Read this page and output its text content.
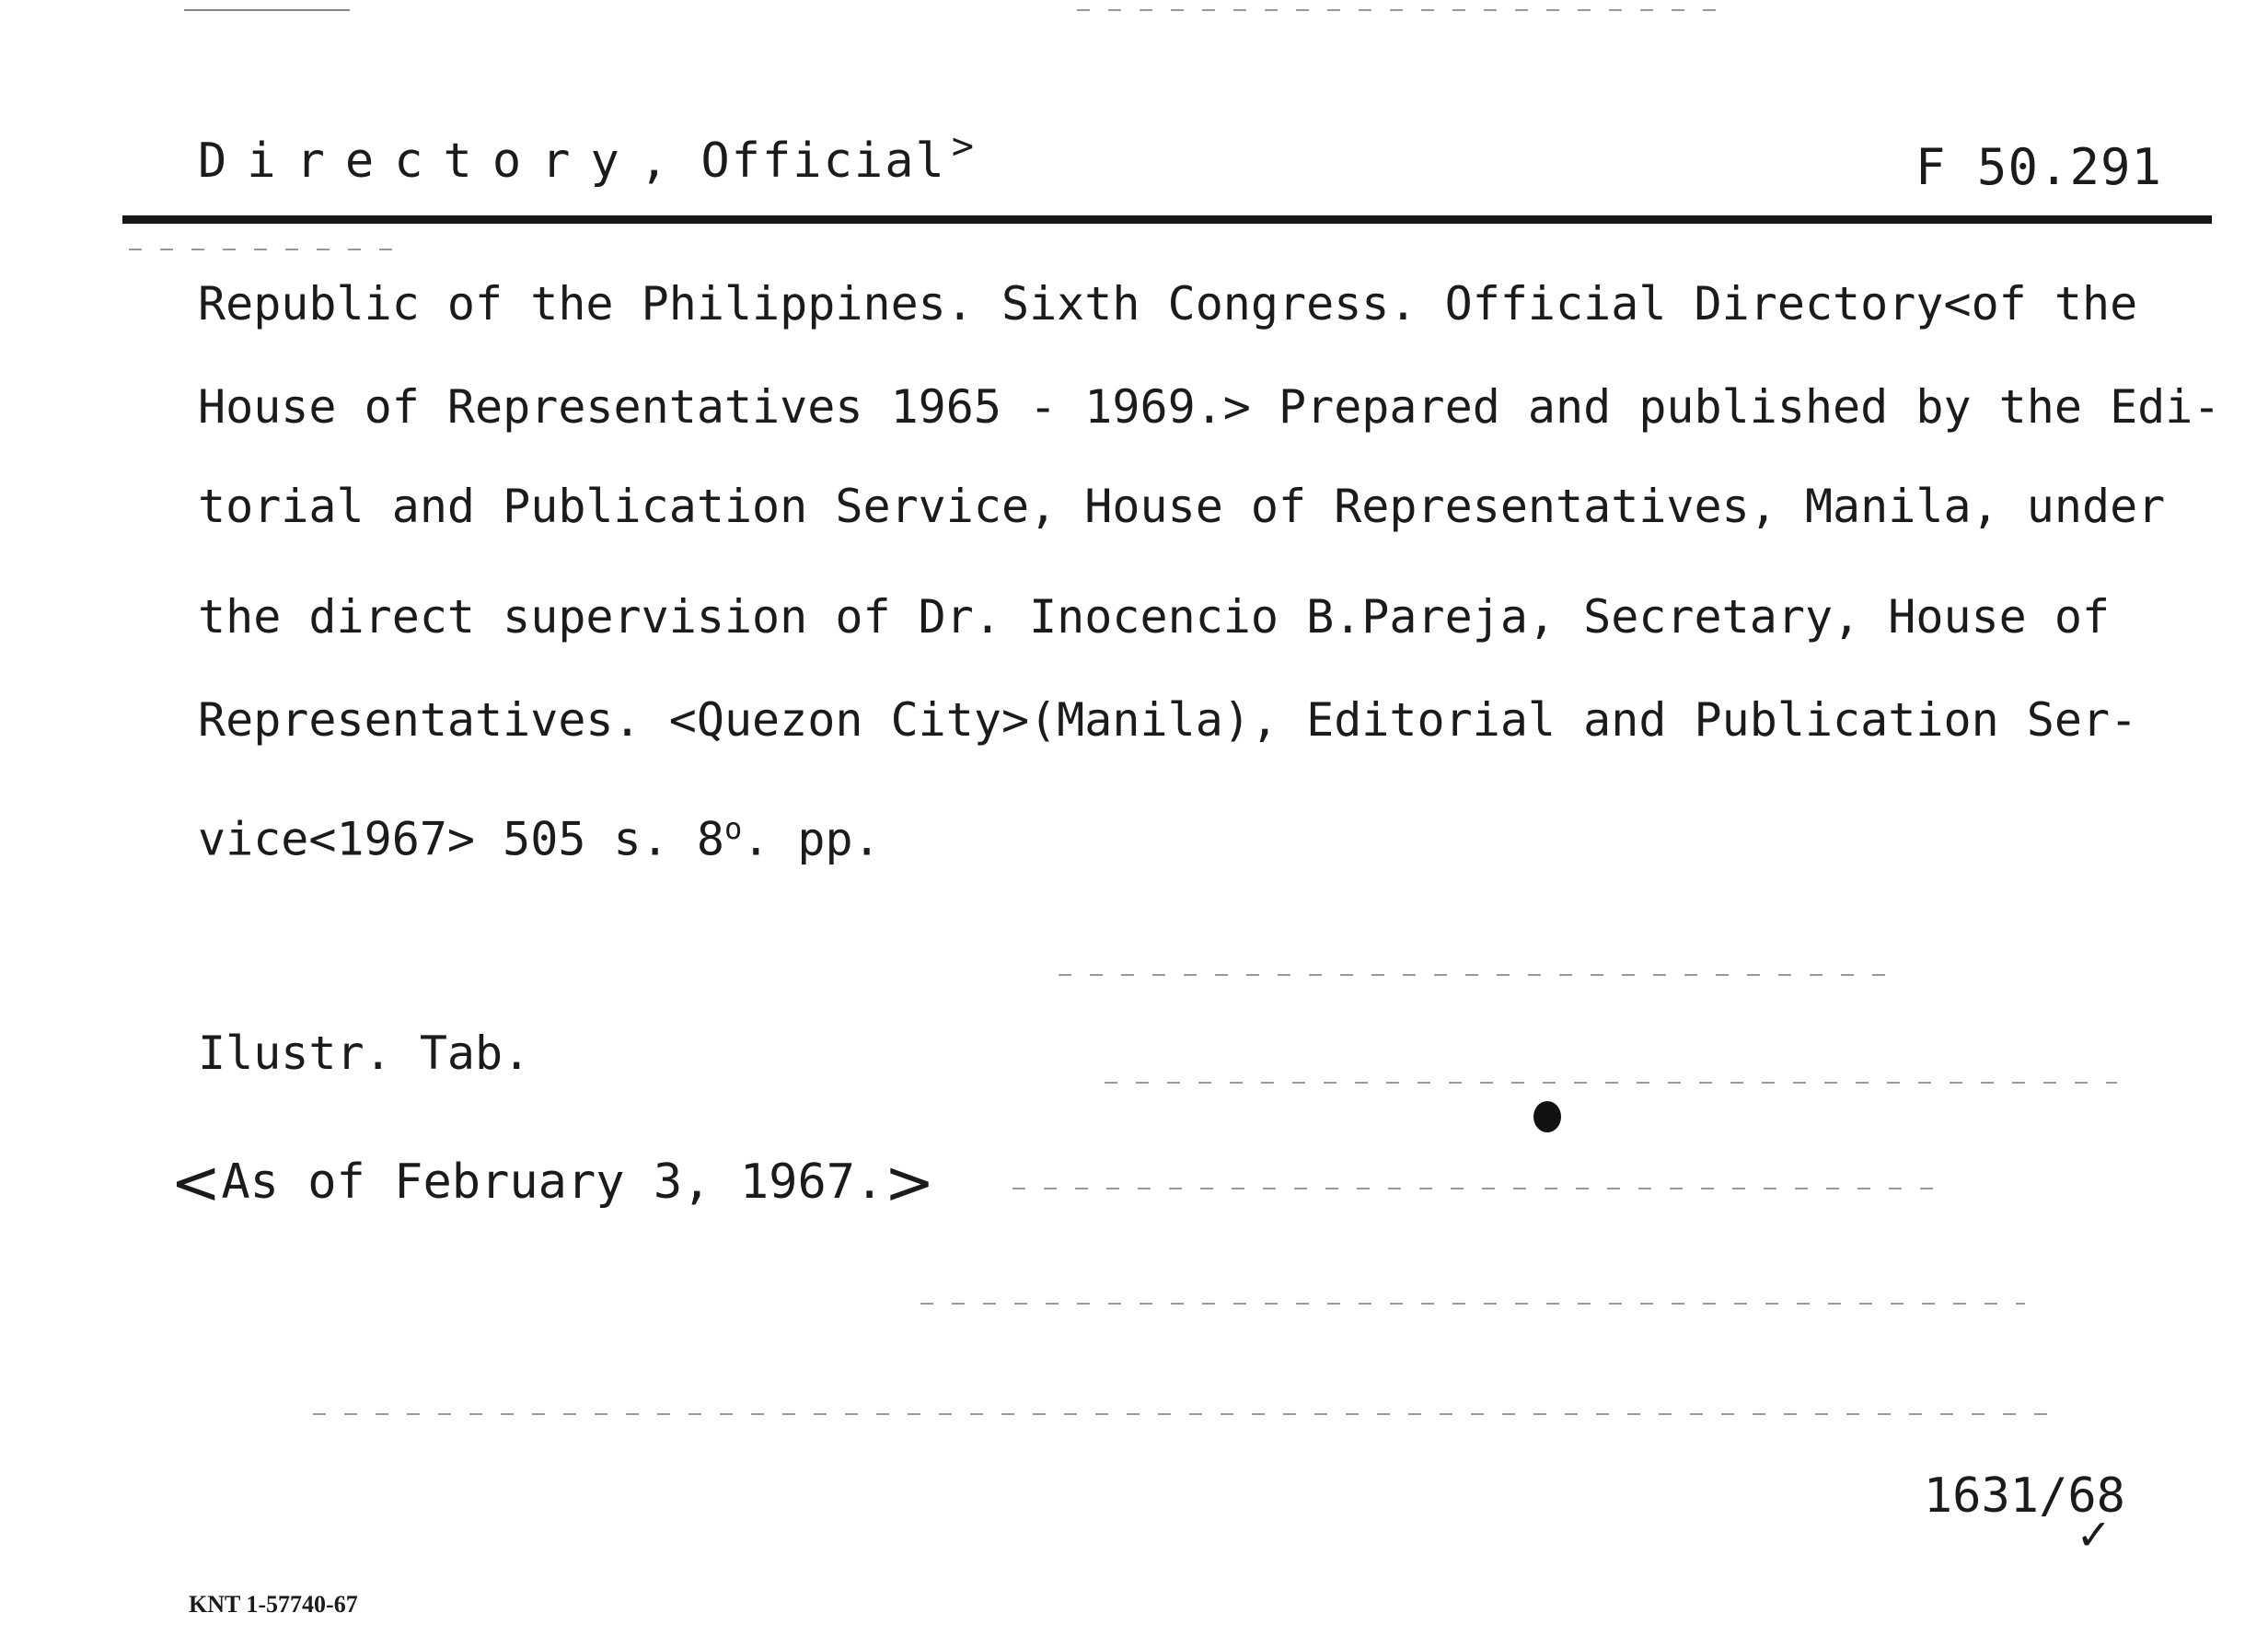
Directory, Official >	F 50.291
Republic of the Philippines. Sixth Congress. Official Directory<of the
House of Representatives 1965 - 1969.> Prepared and published by the Edi-
torial and Publication Service, House of Representatives, Manila, under
the direct supervision of Dr. Inocencio B.Pareja, Secretary, House of
Representatives. <Quezon City>(Manila), Editorial and Publication Ser-
vice<1967> 505 s. 8$^o$. pp.
Ilustr. Tab.
<As of February 3, 1967.>
1631/68
✓
KNT 1-57740-67
